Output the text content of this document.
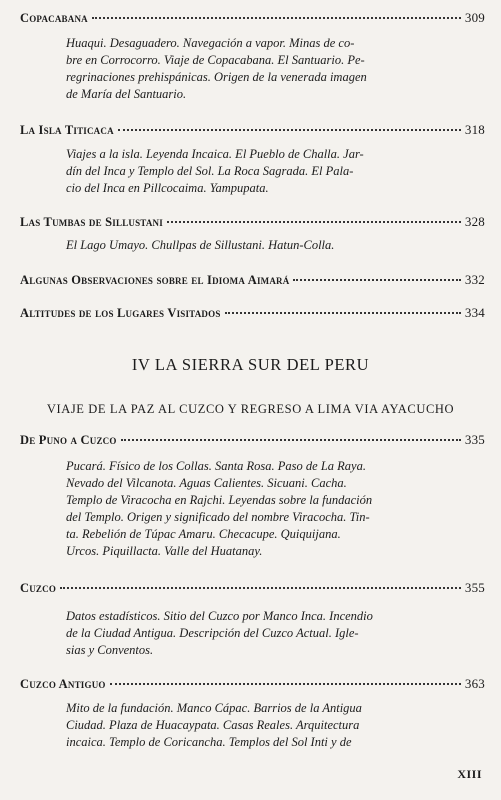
Copacabana	309
Huaqui. Desaguadero. Navegación a vapor. Minas de co-
bre en Corrocorro. Viaje de Copacabana. El Santuario. Pe-
regrinaciones prehispánicas. Origen de la venerada imagen
de María del Santuario.
La Isla Titicaca	318
Viajes a la isla. Leyenda Incaica. El Pueblo de Challa. Jar-
dín del Inca y Templo del Sol. La Roca Sagrada. El Pala-
cio del Inca en Pillcocaima. Yampupata.
Las Tumbas de Sillustani	328
El Lago Umayo. Chullpas de Sillustani. Hatun-Colla.
Algunas Observaciones sobre el Idioma Aimará	332
Altitudes de los Lugares Visitados	334
IV LA SIERRA SUR DEL PERU
VIAJE DE LA PAZ AL CUZCO Y REGRESO A LIMA VIA AYACUCHO
De Puno a Cuzco	335
Pucará. Físico de los Collas. Santa Rosa. Paso de La Raya.
Nevado del Vilcanota. Aguas Calientes. Sicuani. Cacha.
Templo de Viracocha en Rajchi. Leyendas sobre la fundación
del Templo. Origen y significado del nombre Viracocha. Tin-
ta. Rebelión de Túpac Amaru. Checacupe. Quiquijana.
Urcos. Piquillacta. Valle del Huatanay.
Cuzco	355
Datos estadísticos. Sitio del Cuzco por Manco Inca. Incendio
de la Ciudad Antigua. Descripción del Cuzco Actual. Igle-
sias y Conventos.
Cuzco Antiguo	363
Mito de la fundación. Manco Cápac. Barrios de la Antigua
Ciudad. Plaza de Huacaypata. Casas Reales. Arquitectura
incaica. Templo de Coricancha. Templos del Sol Inti y de
XIII
